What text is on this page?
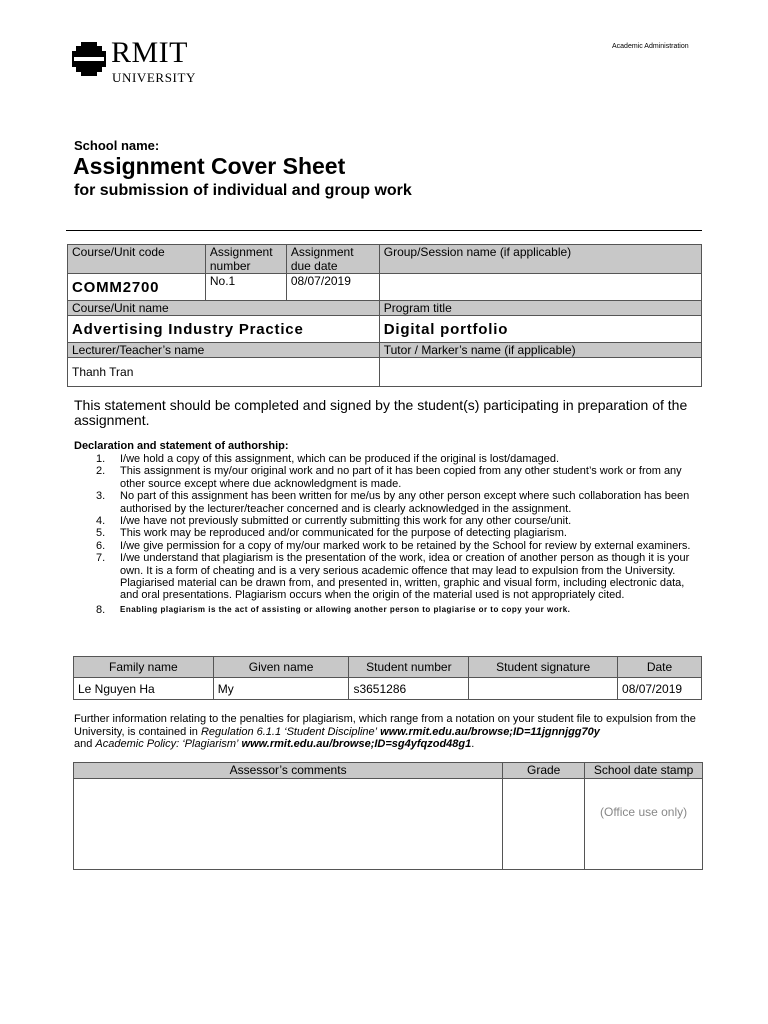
RMIT
UNIVERSITY
Academic Administration
School name:
Assignment Cover Sheet
for submission of individual and group work
Course/Unit code	Assignment number	Assignment due date	Group/Session name (if applicable)
COMM2700	No.1	08/07/2019	
Course/Unit name			Program title
Advertising Industry Practice			Digital portfolio
Lecturer/Teacher’s name			Tutor / Marker’s name (if applicable)
Thanh Tran			
This statement should be completed and signed by the student(s) participating in preparation of the assignment.
Declaration and statement of authorship:
1. I/we hold a copy of this assignment, which can be produced if the original is lost/damaged.
2. This assignment is my/our original work and no part of it has been copied from any other student’s work or from any other source except where due acknowledgment is made.
3. No part of this assignment has been written for me/us by any other person except where such collaboration has been authorised by the lecturer/teacher concerned and is clearly acknowledged in the assignment.
4. I/we have not previously submitted or currently submitting this work for any other course/unit.
5. This work may be reproduced and/or communicated for the purpose of detecting plagiarism.
6. I/we give permission for a copy of my/our marked work to be retained by the School for review by external examiners.
7. I/we understand that plagiarism is the presentation of the work, idea or creation of another person as though it is your own. It is a form of cheating and is a very serious academic offence that may lead to expulsion from the University. Plagiarised material can be drawn from, and presented in, written, graphic and visual form, including electronic data, and oral presentations. Plagiarism occurs when the origin of the material used is not appropriately cited.
8. Enabling plagiarism is the act of assisting or allowing another person to plagiarise or to copy your work.
Family name	Given name	Student number	Student signature	Date
Le Nguyen Ha	My	s3651286		08/07/2019
Further information relating to the penalties for plagiarism, which range from a notation on your student file to expulsion from the University, is contained in Regulation 6.1.1 ‘Student Discipline’ www.rmit.edu.au/browse;ID=11jgnnjgg70y
and Academic Policy: ‘Plagiarism’ www.rmit.edu.au/browse;ID=sg4yfqzod48g1.
Assessor’s comments	Grade	School date stamp

		(Office use only)
